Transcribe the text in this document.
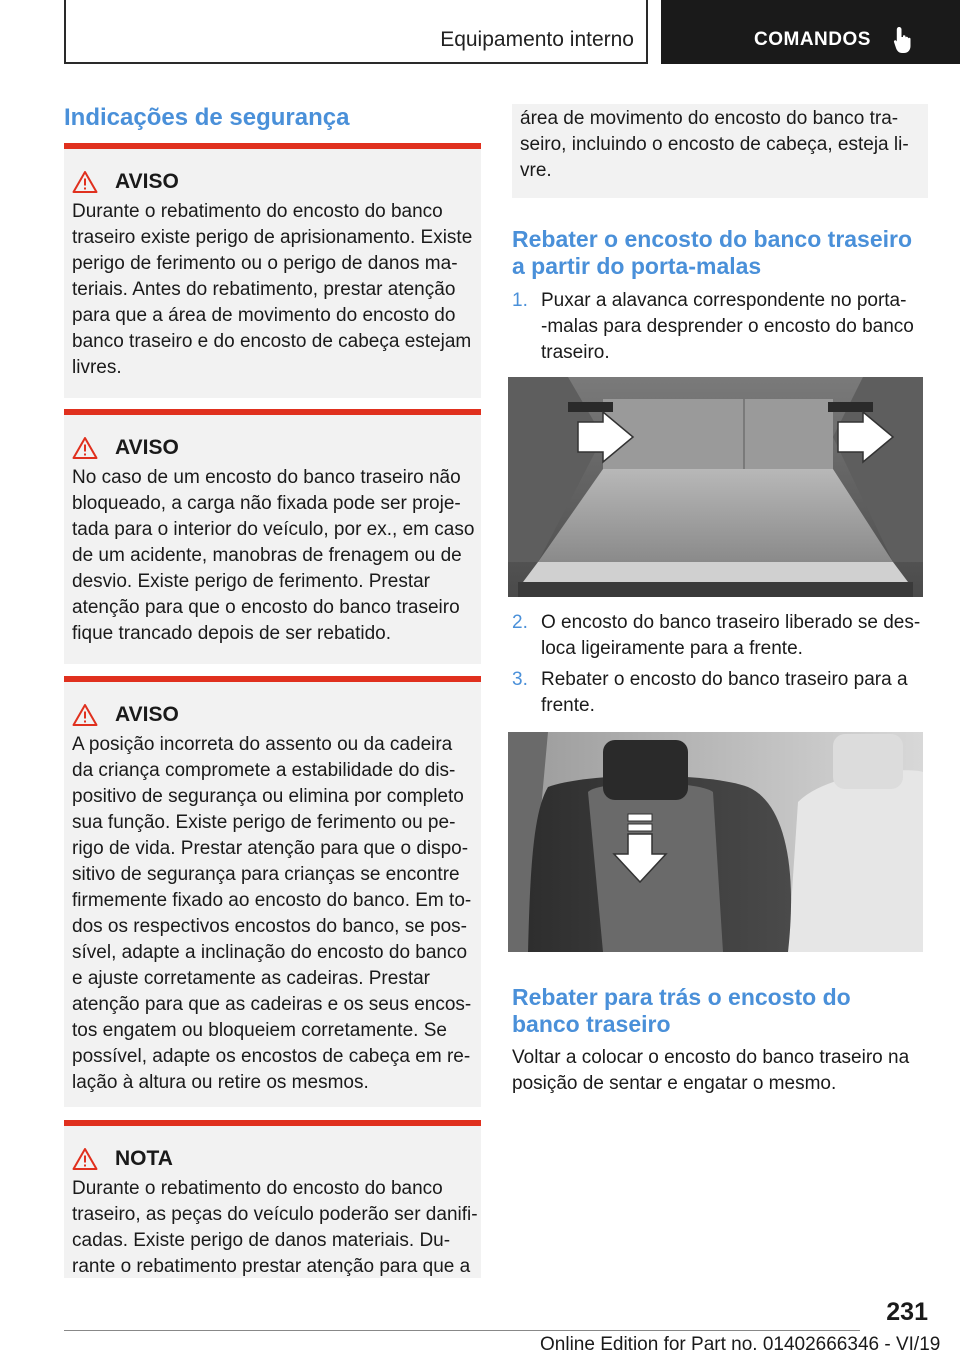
Equipamento interno	COMANDOS
Indicações de segurança
AVISO
Durante o rebatimento do encosto do banco
traseiro existe perigo de aprisionamento. Existe
perigo de ferimento ou o perigo de danos ma-
teriais. Antes do rebatimento, prestar atenção
para que a área de movimento do encosto do
banco traseiro e do encosto de cabeça estejam
livres.
AVISO
No caso de um encosto do banco traseiro não
bloqueado, a carga não fixada pode ser proje-
tada para o interior do veículo, por ex., em caso
de um acidente, manobras de frenagem ou de
desvio. Existe perigo de ferimento. Prestar
atenção para que o encosto do banco traseiro
fique trancado depois de ser rebatido.
AVISO
A posição incorreta do assento ou da cadeira
da criança compromete a estabilidade do dis-
positivo de segurança ou elimina por completo
sua função. Existe perigo de ferimento ou pe-
rigo de vida. Prestar atenção para que o dispo-
sitivo de segurança para crianças se encontre
firmemente fixado ao encosto do banco. Em to-
dos os respectivos encostos do banco, se pos-
sível, adapte a inclinação do encosto do banco
e ajuste corretamente as cadeiras. Prestar
atenção para que as cadeiras e os seus encos-
tos engatem ou bloqueiem corretamente. Se
possível, adapte os encostos de cabeça em re-
lação à altura ou retire os mesmos.
NOTA
Durante o rebatimento do encosto do banco
traseiro, as peças do veículo poderão ser danifi-
cadas. Existe perigo de danos materiais. Du-
rante o rebatimento prestar atenção para que a
área de movimento do encosto do banco tra-
seiro, incluindo o encosto de cabeça, esteja li-
vre.
Rebater o encosto do banco traseiro
a partir do porta-malas
1. Puxar a alavanca correspondente no porta-
-malas para desprender o encosto do banco
traseiro.
2. O encosto do banco traseiro liberado se des-
loca ligeiramente para a frente.
3. Rebater o encosto do banco traseiro para a
frente.
Rebater para trás o encosto do
banco traseiro
Voltar a colocar o encosto do banco traseiro na
posição de sentar e engatar o mesmo.
231
Online Edition for Part no. 01402666346 - VI/19
